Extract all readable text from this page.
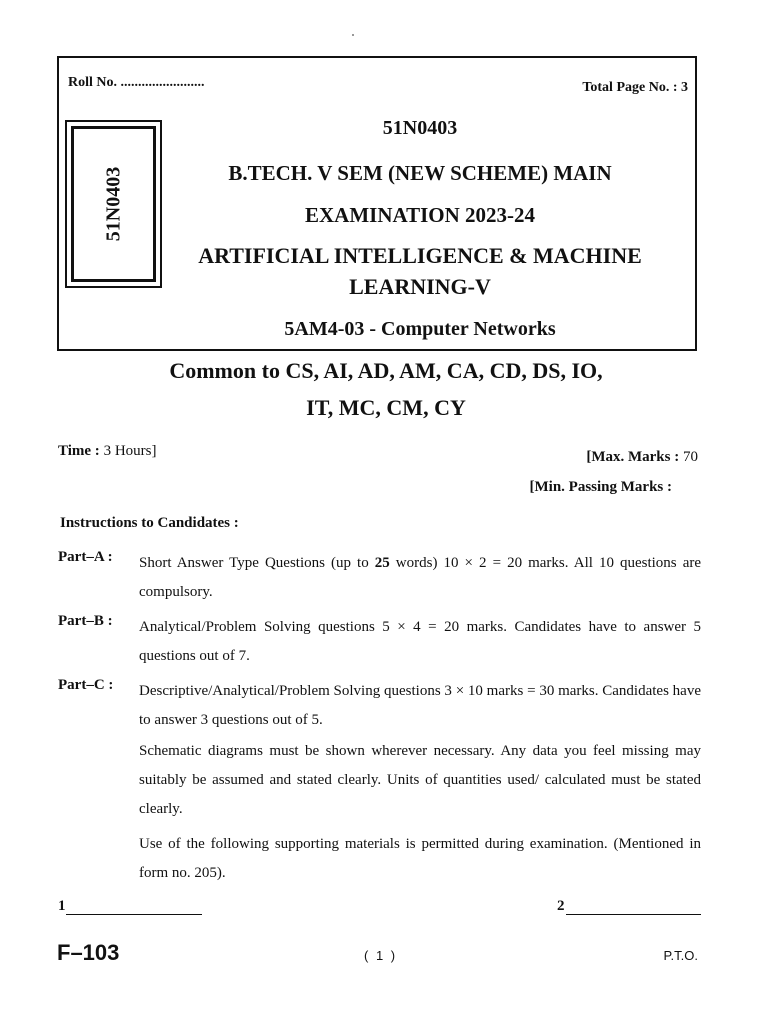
Roll No. ........................	Total Page No. : 3
51N0403
51N0403
B.TECH. V SEM (NEW SCHEME) MAIN
EXAMINATION 2023-24
ARTIFICIAL INTELLIGENCE & MACHINE
LEARNING-V
5AM4-03 - Computer Networks
Common to CS, AI, AD, AM, CA, CD, DS, IO,
IT, MC, CM, CY
Time : 3 Hours]	[Max. Marks : 70
[Min. Passing Marks :
Instructions to Candidates :
Part–A :	Short Answer Type Questions (up to 25 words) 10 × 2 = 20 marks. All 10 questions are compulsory.
Part–B :	Analytical/Problem Solving questions 5 × 4 = 20 marks. Candidates have to answer 5 questions out of 7.
Part–C :	Descriptive/Analytical/Problem Solving questions 3 × 10 marks = 30 marks. Candidates have to answer 3 questions out of 5.
Schematic diagrams must be shown wherever necessary. Any data you feel missing may suitably be assumed and stated clearly. Units of quantities used/ calculated must be stated clearly.
Use of the following supporting materials is permitted during examination. (Mentioned in form no. 205).
1	2
F–103	( 1 )	P.T.O.
